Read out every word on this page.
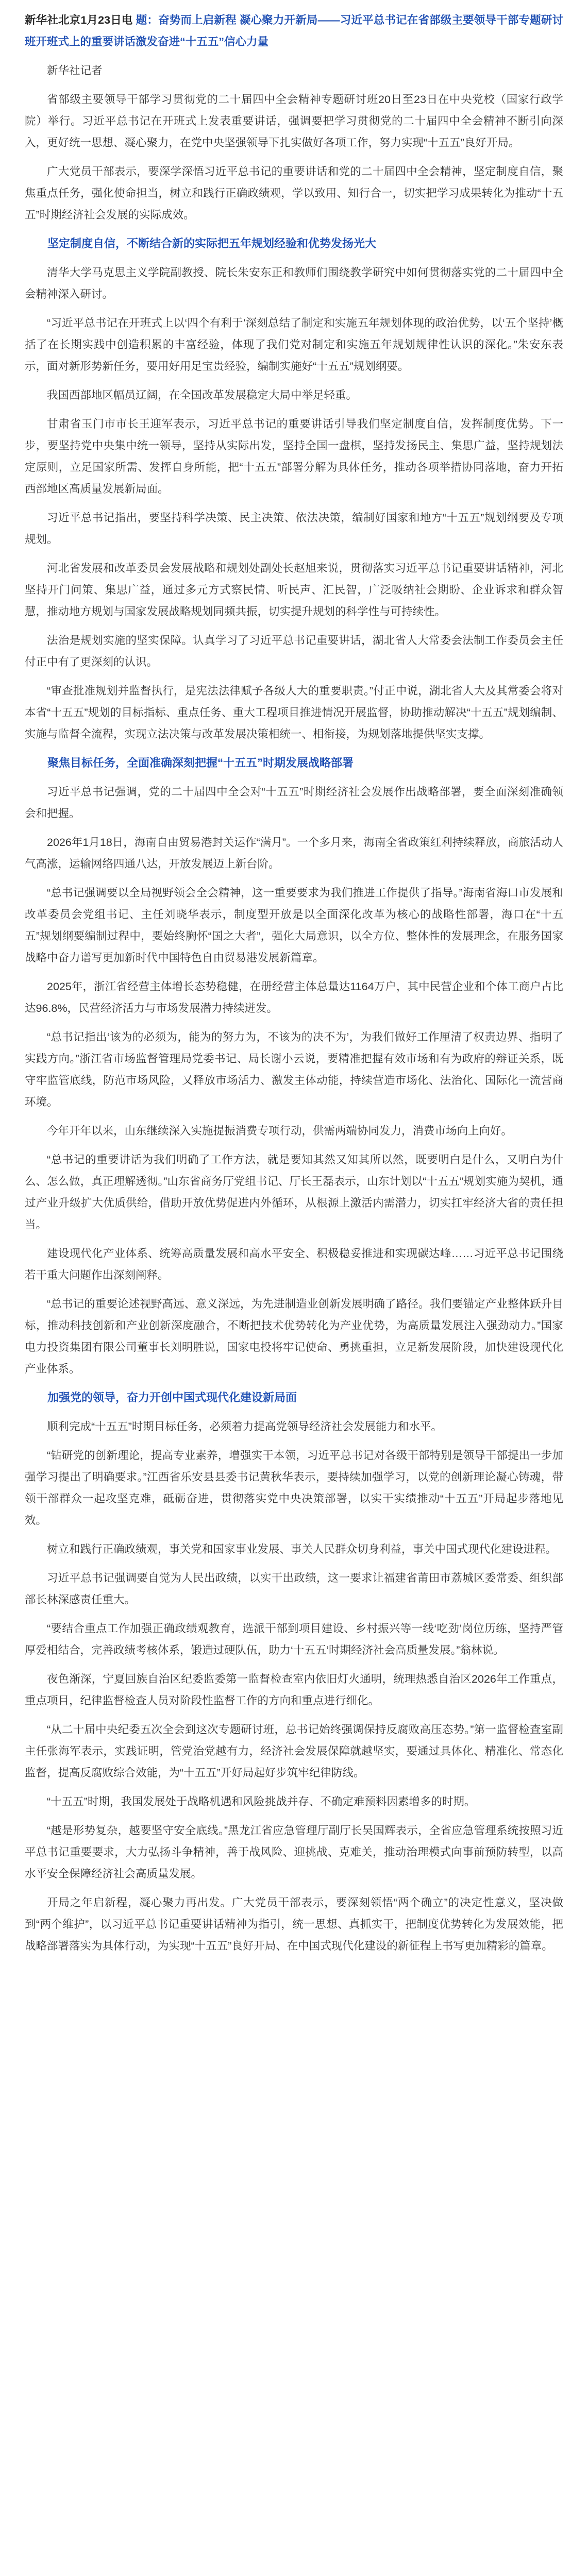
新华社北京1月23日电 题：奋势而上启新程 凝心聚力开新局——习近平总书记在省部级主要领导干部专题研讨班开班式上的重要讲话激发奋进“十五五”信心力量

新华社记者

省部级主要领导干部学习贯彻党的二十届四中全会精神专题研讨班20日至23日在中央党校（国家行政学院）举行。习近平总书记在开班式上发表重要讲话，强调要把学习贯彻党的二十届四中全会精神不断引向深入，更好统一思想、凝心聚力，在党中央坚强领导下扎实做好各项工作，努力实现“十五五”良好开局。

广大党员干部表示，要深学深悟习近平总书记的重要讲话和党的二十届四中全会精神，坚定制度自信，聚焦重点任务，强化使命担当，树立和践行正确政绩观，学以致用、知行合一，切实把学习成果转化为推动“十五五”时期经济社会发展的实际成效。

坚定制度自信，不断结合新的实际把五年规划经验和优势发扬光大

清华大学马克思主义学院副教授、院长朱安东正和教师们围绕教学研究中如何贯彻落实党的二十届四中全会精神深入研讨。

“习近平总书记在开班式上以‘四个有利于’深刻总结了制定和实施五年规划体现的政治优势，以‘五个坚持’概括了在长期实践中创造积累的丰富经验，体现了我们党对制定和实施五年规划规律性认识的深化。”朱安东表示，面对新形势新任务，要用好用足宝贵经验，编制实施好“十五五”规划纲要。

我国西部地区幅员辽阔，在全国改革发展稳定大局中举足轻重。

甘肃省玉门市市长王迎军表示，习近平总书记的重要讲话引导我们坚定制度自信，发挥制度优势。下一步，要坚持党中央集中统一领导，坚持从实际出发，坚持全国一盘棋，坚持发扬民主、集思广益，坚持规划法定原则，立足国家所需、发挥自身所能，把“十五五”部署分解为具体任务，推动各项举措协同落地，奋力开拓西部地区高质量发展新局面。

习近平总书记指出，要坚持科学决策、民主决策、依法决策，编制好国家和地方“十五五”规划纲要及专项规划。

河北省发展和改革委员会发展战略和规划处副处长赵旭来说，贯彻落实习近平总书记重要讲话精神，河北坚持开门问策、集思广益，通过多元方式察民情、听民声、汇民智，广泛吸纳社会期盼、企业诉求和群众智慧，推动地方规划与国家发展战略规划同频共振，切实提升规划的科学性与可持续性。

法治是规划实施的坚实保障。认真学习了习近平总书记重要讲话，湖北省人大常委会法制工作委员会主任付正中有了更深刻的认识。

“审查批准规划并监督执行，是宪法法律赋予各级人大的重要职责。”付正中说，湖北省人大及其常委会将对本省“十五五”规划的目标指标、重点任务、重大工程项目推进情况开展监督，协助推动解决“十五五”规划编制、实施与监督全流程，实现立法决策与改革发展决策相统一、相衔接，为规划落地提供坚实支撑。

聚焦目标任务，全面准确深刻把握“十五五”时期发展战略部署

习近平总书记强调，党的二十届四中全会对“十五五”时期经济社会发展作出战略部署，要全面深刻准确领会和把握。

2026年1月18日，海南自由贸易港封关运作“满月”。一个多月来，海南全省政策红利持续释放，商旅活动人气高涨，运输网络四通八达，开放发展迈上新台阶。

“总书记强调要以全局视野领会全会精神，这一重要要求为我们推进工作提供了指导。”海南省海口市发展和改革委员会党组书记、主任刘晓华表示，制度型开放是以全面深化改革为核心的战略性部署，海口在“十五五”规划纲要编制过程中，要始终胸怀“国之大者”，强化大局意识，以全方位、整体性的发展理念，在服务国家战略中奋力谱写更加新时代中国特色自由贸易港发展新篇章。

2025年，浙江省经营主体增长态势稳健，在册经营主体总量达1164万户，其中民营企业和个体工商户占比达96.8%，民营经济活力与市场发展潜力持续迸发。

“总书记指出‘该为的必须为，能为的努力为，不该为的决不为’，为我们做好工作厘清了权责边界、指明了实践方向。”浙江省市场监督管理局党委书记、局长谢小云说，要精准把握有效市场和有为政府的辩证关系，既守牢监管底线，防范市场风险，又释放市场活力、激发主体动能，持续营造市场化、法治化、国际化一流营商环境。

今年开年以来，山东继续深入实施提振消费专项行动，供需两端协同发力，消费市场向上向好。

“总书记的重要讲话为我们明确了工作方法，就是要知其然又知其所以然，既要明白是什么，又明白为什么、怎么做，真正理解透彻。”山东省商务厅党组书记、厅长王磊表示，山东计划以“十五五”规划实施为契机，通过产业升级扩大优质供给，借助开放优势促进内外循环，从根源上激活内需潜力，切实扛牢经济大省的责任担当。

建设现代化产业体系、统筹高质量发展和高水平安全、积极稳妥推进和实现碳达峰……习近平总书记围绕若干重大问题作出深刻阐释。

“总书记的重要论述视野高远、意义深远，为先进制造业创新发展明确了路径。我们要锚定产业整体跃升目标，推动科技创新和产业创新深度融合，不断把技术优势转化为产业优势，为高质量发展注入强劲动力。”国家电力投资集团有限公司董事长刘明胜说，国家电投将牢记使命、勇挑重担，立足新发展阶段，加快建设现代化产业体系。

加强党的领导，奋力开创中国式现代化建设新局面

顺利完成“十五五”时期目标任务，必须着力提高党领导经济社会发展能力和水平。

“钻研党的创新理论，提高专业素养，增强实干本领，习近平总书记对各级干部特别是领导干部提出一步加强学习提出了明确要求。”江西省乐安县县委书记黄秋华表示，要持续加强学习，以党的创新理论凝心铸魂，带领干部群众一起攻坚克难，砥砺奋进，贯彻落实党中央决策部署，以实干实绩推动“十五五”开局起步落地见效。

树立和践行正确政绩观，事关党和国家事业发展、事关人民群众切身利益，事关中国式现代化建设进程。

习近平总书记强调要自觉为人民出政绩，以实干出政绩，这一要求让福建省莆田市荔城区委常委、组织部部长林深感责任重大。

“要结合重点工作加强正确政绩观教育，选派干部到项目建设、乡村振兴等一线‘吃劲’岗位历练，坚持严管厚爱相结合，完善政绩考核体系，锻造过硬队伍，助力‘十五五’时期经济社会高质量发展。”翁林说。

夜色渐深，宁夏回族自治区纪委监委第一监督检查室内依旧灯火通明，统理热悉自治区2026年工作重点，重点项目，纪律监督检查人员对阶段性监督工作的方向和重点进行细化。

“从二十届中央纪委五次全会到这次专题研讨班，总书记始终强调保持反腐败高压态势。”第一监督检查室副主任张海军表示，实践证明，管党治党越有力，经济社会发展保障就越坚实，要通过具体化、精准化、常态化监督，提高反腐败综合效能，为“十五五”开好局起好步筑牢纪律防线。

“十五五”时期，我国发展处于战略机遇和风险挑战并存、不确定难预料因素增多的时期。

“越是形势复杂，越要坚守安全底线。”黑龙江省应急管理厅副厅长吴国辉表示，全省应急管理系统按照习近平总书记重要要求，大力弘扬斗争精神，善于战风险、迎挑战、克难关，推动治理模式向事前预防转型，以高水平安全保障经济社会高质量发展。

开局之年启新程，凝心聚力再出发。广大党员干部表示，要深刻领悟“两个确立”的决定性意义，坚决做到“两个维护”，以习近平总书记重要讲话精神为指引，统一思想、真抓实干，把制度优势转化为发展效能，把战略部署落实为具体行动，为实现“十五五”良好开局、在中国式现代化建设的新征程上书写更加精彩的篇章。
